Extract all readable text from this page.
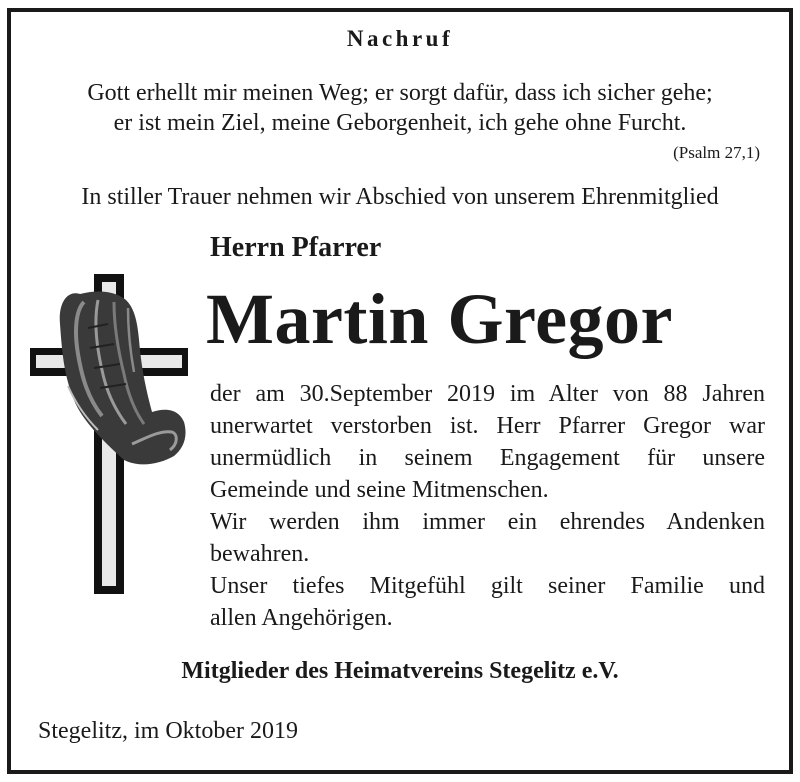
Nachruf
Gott erhellt mir meinen Weg; er sorgt dafür, dass ich sicher gehe;
er ist mein Ziel, meine Geborgenheit, ich gehe ohne Furcht.
(Psalm 27,1)
In stiller Trauer nehmen wir Abschied von unserem Ehrenmitglied
Herrn Pfarrer
Martin Gregor

der am 30.September 2019 im Alter von 88 Jahren

unerwartet verstorben ist. Herr Pfarrer Gregor war

unermüdlich in seinem Engagement für unsere

Gemeinde und seine Mitmenschen.

Wir werden ihm immer ein ehrendes Andenken

bewahren.

Unser tiefes Mitgefühl gilt seiner Familie und

allen Angehörigen.

Mitglieder des Heimatvereins Stegelitz e.V.
Stegelitz, im Oktober 2019
